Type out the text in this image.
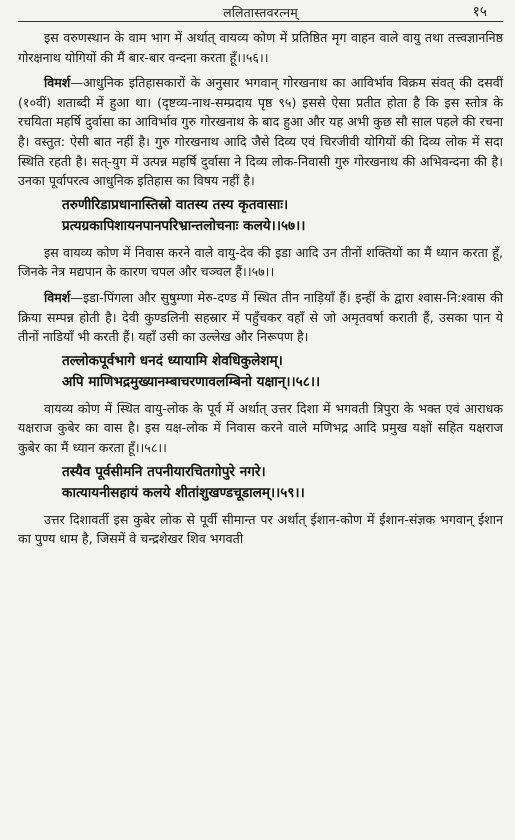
ललितास्तवरत्नम्	१५

इस वरुणस्थान के वाम भाग में अर्थात् वायव्य कोण में प्रतिष्ठित मृग वाहन वाले वायु तथा तत्त्वज्ञाननिष्ठ गोरक्षनाथ योगियों की मैं बार-बार वन्दना करता हूँ।।५६।।

विमर्श—आधुनिक इतिहासकारों के अनुसार भगवान् गोरखनाथ का आविर्भाव विक्रम संवत् की दसवीं (१०वीं) शताब्दी में हुआ था। (दृष्टव्य-नाथ-सम्प्रदाय पृष्ठ ९५) इससे ऐसा प्रतीत होता है कि इस स्तोत्र के रचयिता महर्षि दुर्वासा का आविर्भाव गुरु गोरखनाथ के बाद हुआ और यह अभी कुछ सौ साल पहले की रचना है। वस्तुत: ऐसी बात नहीं है। गुरु गोरखनाथ आदि जैसे दिव्य एवं चिरजीवी योगियों की दिव्य लोक में सदा स्थिति रहती है। सत्-युग में उत्पन्न महर्षि दुर्वासा ने दिव्य लोक-निवासी गुरु गोरखनाथ की अभिवन्दना की है। उनका पूर्वापरत्व आधुनिक इतिहास का विषय नहीं है।

तरुणीरिडाप्रधानास्तिस्रो वातस्य तस्य कृतवासाः।
प्रत्यग्रकापिशायनपानपरिभ्रान्तलोचनाः कलये।।५७।।

इस वायव्य कोण में निवास करने वाले वायु-देव की इडा आदि उन तीनों शक्तियों का मैं ध्यान करता हूँ, जिनके नेत्र मद्यपान के कारण चपल और चञ्चल हैं।।५७।।

विमर्श—इडा-पिंगला और सुषुम्णा मेरु-दण्ड में स्थित तीन नाड़ियाँ हैं। इन्हीं के द्वारा श्वास-नि:श्वास की क्रिया सम्पन्न होती है। देवी कुण्डलिनी सहस्रार में पहुँचकर वहाँ से जो अमृतवर्षा कराती हैं, उसका पान ये तीनों नाडियाँ भी करती हैं। यहाँ उसी का उल्लेख और निरूपण है।

तल्लोकपूर्वभागे धनदं ध्यायामि शेवधिकुलेशम्।
अपि माणिभद्रमुख्यानम्बाचरणावलम्बिनो यक्षान्।।५८।।

वायव्य कोण में स्थित वायु-लोक के पूर्व में अर्थात् उत्तर दिशा में भगवती त्रिपुरा के भक्त एवं आराधक यक्षराज कुबेर का वास है। इस यक्ष-लोक में निवास करने वाले मणिभद्र आदि प्रमुख यक्षों सहित यक्षराज कुबेर का मैं ध्यान करता हूँ।।५८।।

तस्यैव पूर्वसीमनि तपनीयारचितगोपुरे नगरे।
कात्यायनीसहायं कलये शीतांशुखण्डचूडालम्।।५९।।

उत्तर दिशावर्ती इस कुबेर लोक से पूर्वी सीमान्त पर अर्थात् ईशान-कोण में ईशान-संज्ञक भगवान् ईशान का पुण्य धाम है, जिसमें वे चन्द्रशेखर शिव भगवती
